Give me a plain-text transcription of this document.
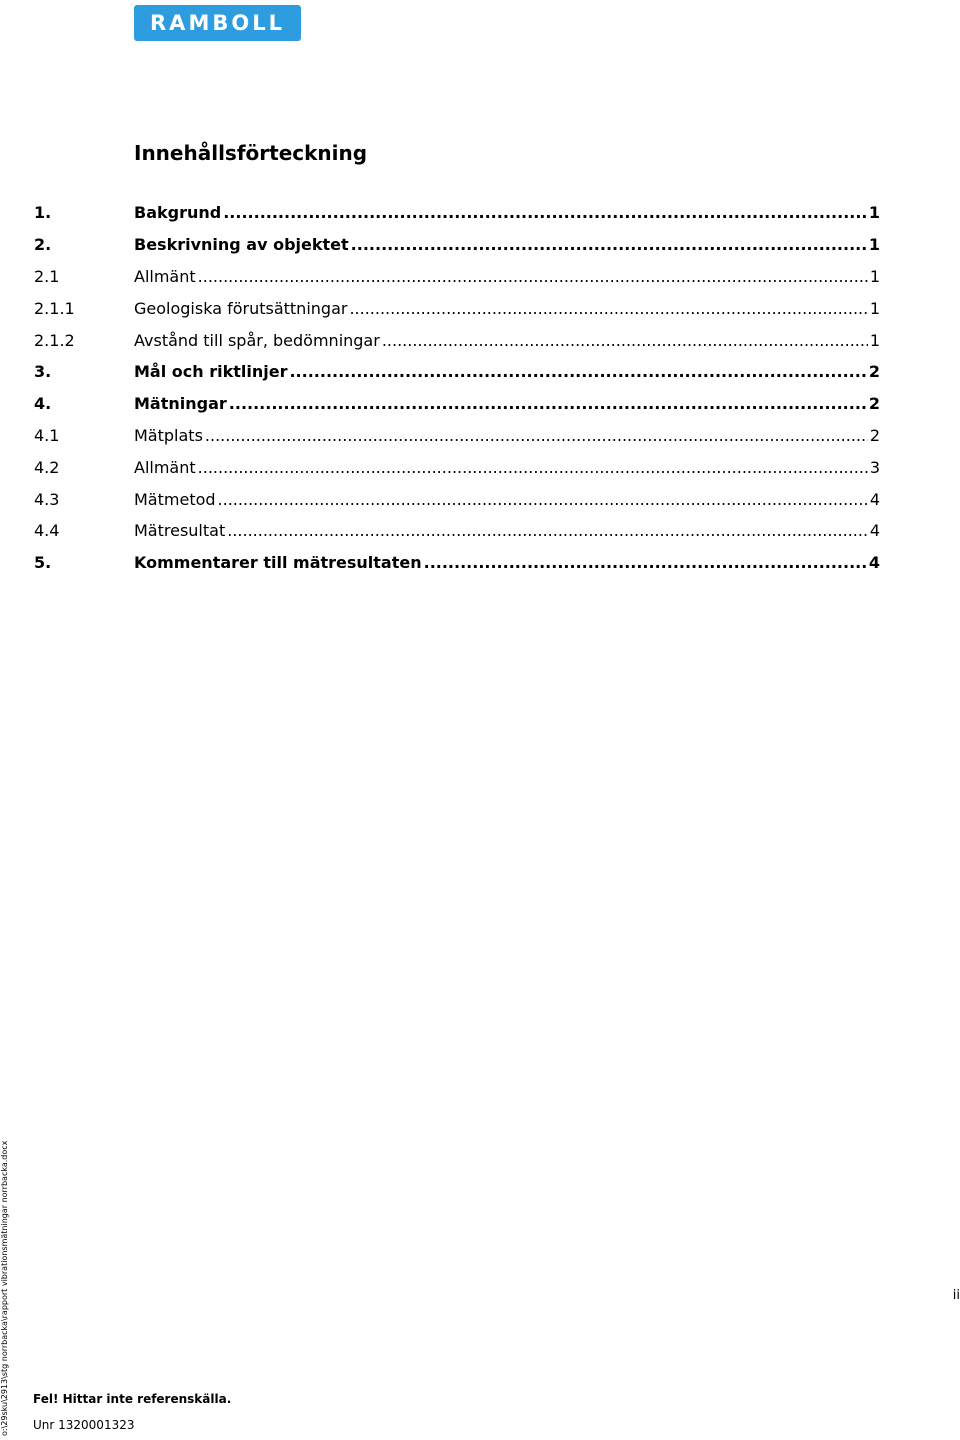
RAMBOLL
Innehållsförteckning
1.	Bakgrund .....	1
2.	Beskrivning av objektet .....	1
2.1	Allmänt .....	1
2.1.1	Geologiska förutsättningar .....	1
2.1.2	Avstånd till spår, bedömningar .....	1
3.	Mål och riktlinjer .....	2
4.	Mätningar .....	2
4.1	Mätplats .....	2
4.2	Allmänt .....	3
4.3	Mätmetod .....	4
4.4	Mätresultat .....	4
5.	Kommentarer till mätresultaten .....	4
o:\29sku\2913\stg norrbacka\rapport vibrationsmätningar norrbacka.docx	ii
Fel! Hittar inte referenskälla.
Unr 1320001323
